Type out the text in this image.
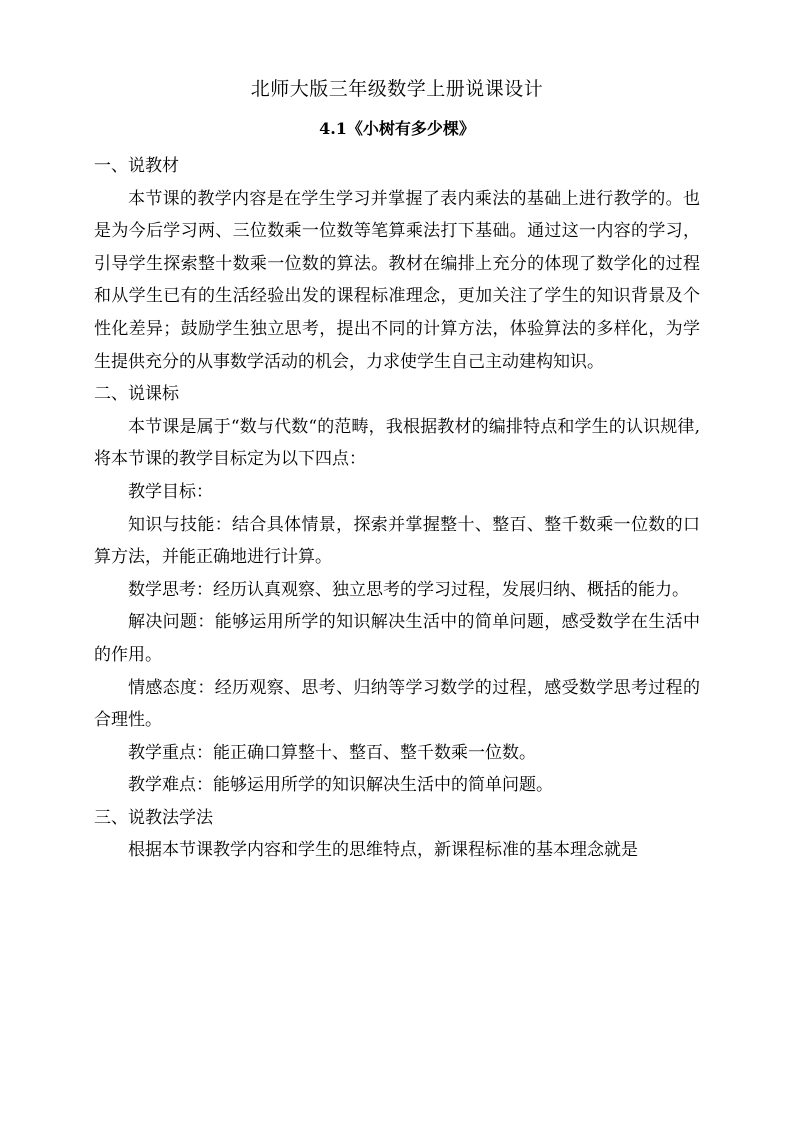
北师大版三年级数学上册说课设计
4.1《小树有多少棵》

一、说教材

本节课的教学内容是在学生学习并掌握了表内乘法的基础上进行教学的。也是为今后学习两、三位数乘一位数等笔算乘法打下基础。通过这一内容的学习，引导学生探索整十数乘一位数的算法。教材在编排上充分的体现了数学化的过程和从学生已有的生活经验出发的课程标准理念，更加关注了学生的知识背景及个性化差异；鼓励学生独立思考，提出不同的计算方法，体验算法的多样化，为学生提供充分的从事数学活动的机会，力求使学生自己主动建构知识。

二、说课标

本节课是属于“数与代数“的范畴，我根据教材的编排特点和学生的认识规律,将本节课的教学目标定为以下四点：

教学目标：

知识与技能：结合具体情景，探索并掌握整十、整百、整千数乘一位数的口算方法，并能正确地进行计算。

数学思考：经历认真观察、独立思考的学习过程，发展归纳、概括的能力。

解决问题：能够运用所学的知识解决生活中的简单问题，感受数学在生活中的作用。

情感态度：经历观察、思考、归纳等学习数学的过程，感受数学思考过程的合理性。

教学重点：能正确口算整十、整百、整千数乘一位数。

教学难点：能够运用所学的知识解决生活中的简单问题。

三、说教法学法

根据本节课教学内容和学生的思维特点，新课程标准的基本理念就是
